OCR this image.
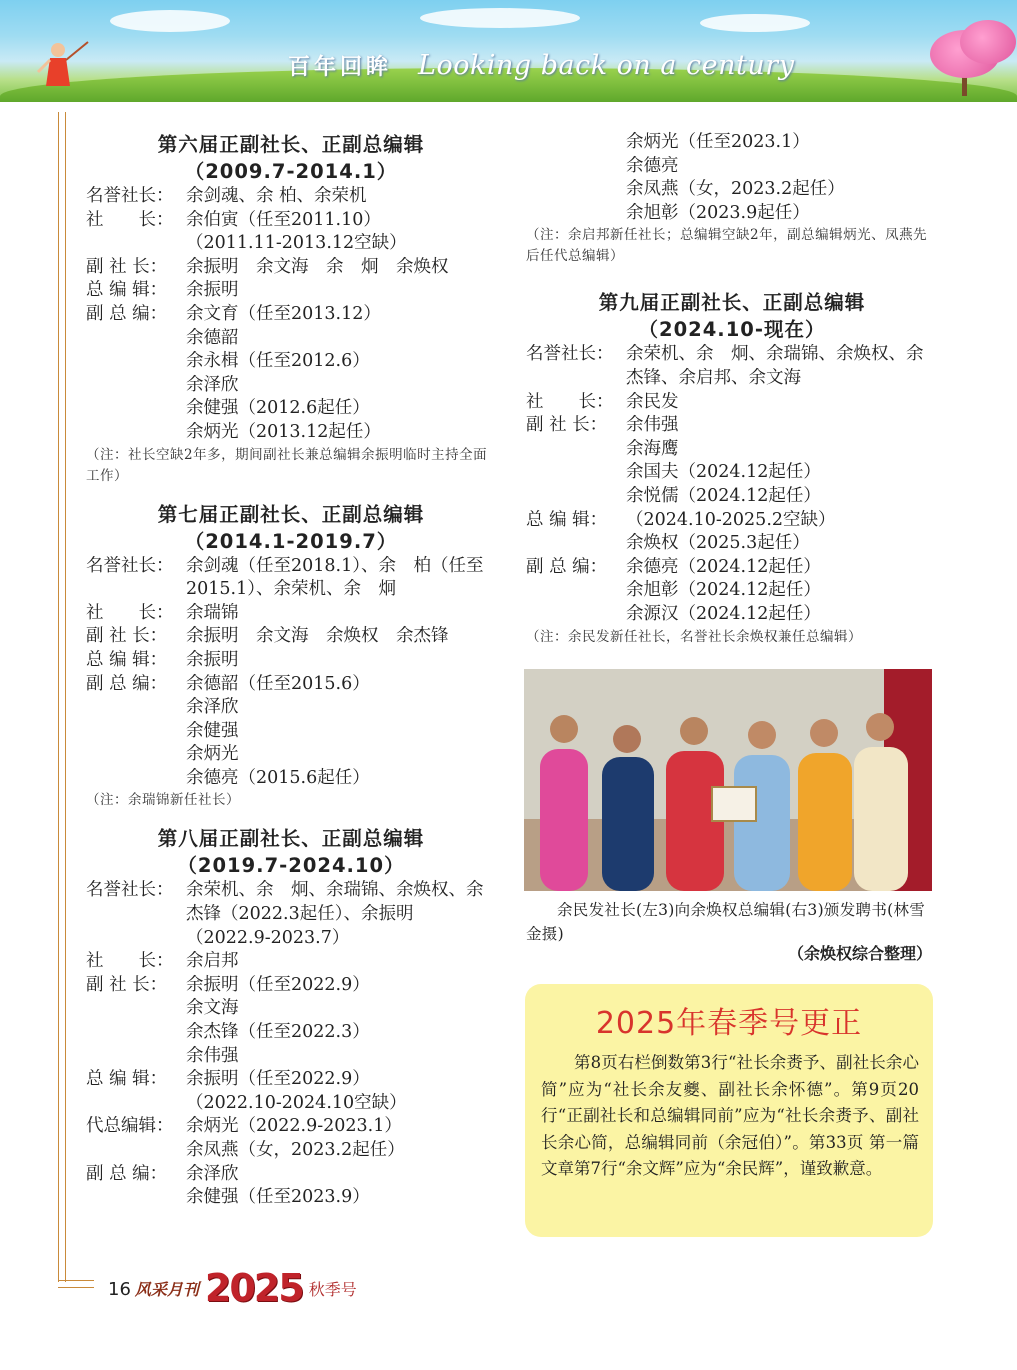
百年回眸 Looking back on a century
第六届正副社长、正副总编辑
（2009.7-2014.1）
名誉社长： 余剑魂、余 柏、余荣机
社　　长： 余伯寅（任至2011.10）
（2011.11-2013.12空缺）
副 社 长：	余振明　余文海　余　炯　余焕权
总 编 辑：	余振明
副 总 编：	余文育（任至2013.12）
余德韶
余永楫（任至2012.6）
余泽欣
余健强（2012.6起任）
余炳光（2013.12起任）
（注：社长空缺2年多，期间副社长兼总编辑余振明临时主持全面工作）
第七届正副社长、正副总编辑
（2014.1-2019.7）
名誉社长： 余剑魂（任至2018.1）、余　柏（任至2015.1）、余荣机、余　炯
社　　长： 余瑞锦
副 社 长：	余振明　余文海　余焕权　余杰锋
总 编 辑：	余振明
副 总 编：	余德韶（任至2015.6）
余泽欣
余健强
余炳光
余德亮（2015.6起任）
（注：余瑞锦新任社长）
第八届正副社长、正副总编辑
（2019.7-2024.10）
名誉社长： 余荣机、余　炯、余瑞锦、余焕权、余杰锋（2022.3起任）、余振明（2022.9-2023.7）
社　　长： 余启邦
副 社 长：	余振明（任至2022.9）
余文海
余杰锋（任至2022.3）
余伟强
总 编 辑：	余振明（任至2022.9）
（2022.10-2024.10空缺）
代总编辑： 余炳光（2022.9-2023.1）
余凤燕（女，2023.2起任）
副 总 编：	余泽欣
余健强（任至2023.9）
余炳光（任至2023.1）
余德亮
余凤燕（女，2023.2起任）
余旭彰（2023.9起任）
（注：余启邦新任社长；总编辑空缺2年，副总编辑炳光、凤燕先后任代总编辑）
第九届正副社长、正副总编辑
（2024.10-现在）
名誉社长： 余荣机、余　炯、余瑞锦、余焕权、余杰锋、余启邦、余文海
社　　长： 余民发
副 社 长：	余伟强
余海鹰
余国夫（2024.12起任）
余悦儒（2024.12起任）
总 编 辑：	（2024.10-2025.2空缺）
余焕权（2025.3起任）
副 总 编：	余德亮（2024.12起任）
余旭彰（2024.12起任）
余源汉（2024.12起任）
（注：余民发新任社长，名誉社长余焕权兼任总编辑）
余民发社长(左3)向余焕权总编辑(右3)颁发聘书(林雪金摄)
（余焕权综合整理）
2025年春季号更正

第8页右栏倒数第3行“社长余赉予、副社长余心简”应为“社长余友夔、副社长余怀德”。第9页20行“正副社长和总编辑同前”应为“社长余赉予、副社长余心简，总编辑同前（余冠伯）”。第33页 第一篇文章第7行“余文辉”应为“余民辉”，谨致歉意。

16 风采月刊 2025 秋季号
